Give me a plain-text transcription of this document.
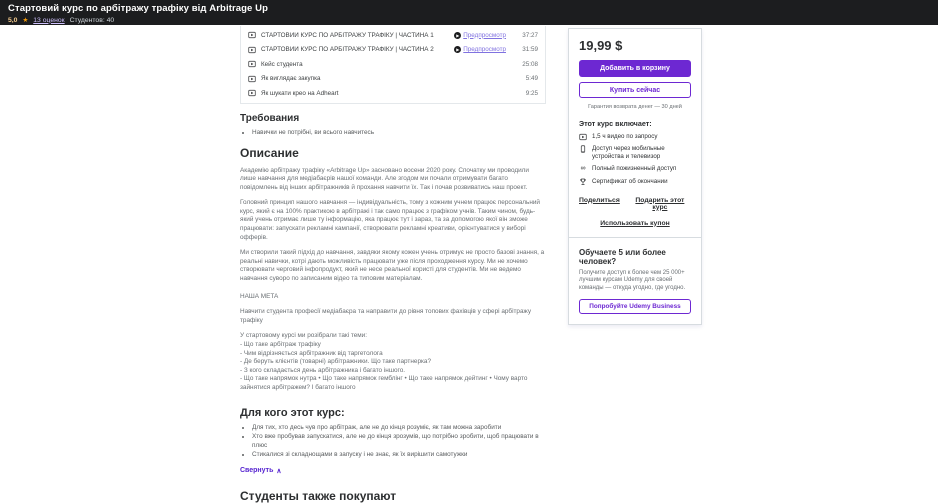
Стартовий курс по арбітражу трафіку від Arbitrage Up
5,0 ★ 13 оценок Студентов: 40
СТАРТОВИЙ КУРС ПО АРБІТРАЖУ ТРАФІКУ | ЧАСТИНА 1	▶ Предпросмотр	37:27
СТАРТОВИЙ КУРС ПО АРБІТРАЖУ ТРАФІКУ | ЧАСТИНА 2	▶ Предпросмотр	31:59
Кейс студента	25:08
Як виглядає закупка	5:49
Як шукати крео на Adheart	9:25
Требования
• Навички не потрібні, ви всього навчитесь
Описание

Академію арбітражу трафіку «Arbitrage Up» засновано восени 2020 року. Спочатку ми проводили лише навчання для медіабаєрів нашої команди. Але згодом ми почали отримувати багато повідомлень від інших арбітражників й прохання навчити їх. Так і почав розвиватись наш проект.

Головний принцип нашого навчання — індивідуальність, тому з кожним учнем працює персональний курс, який є на 100% практикою в арбітражі і так само працює з графіком учнів. Таким чином, будь-який учень отримає лише ту інформацію, яка працює тут і зараз, та за допомогою якої він зможе працювати: запускати рекламні кампанії, створювати рекламні креативи, орієнтуватися у виборі офферів.

Ми створили такий підхід до навчання, завдяки якому кожен учень отримує не просто базові знання, а реальні навички, котрі дають можливість працювати уже після проходження курсу. Ми не хочемо створювати черговий інфопродукт, який не несе реальної користі для студентів. Ми не ведемо навчання суворо по записаним відео та типовим матеріалам.

НАША МЕТА

Навчити студента професії медіабаєра та направити до рівня топових фахівців у сфері арбітражу трафіку

У стартовому курсі ми розібрали такі теми:
- Що таке арбітраж трафіку
- Чим відрізняється арбітражник від таргетолога
- Де беруть клієнтів (товарні) арбітражники. Що таке партнерка?
- З кого складається день арбітражника і багато іншого.
- Що таке напрямок нутра • Що таке напрямок гемблінг • Що таке напрямок дейтинг • Чому варто зайнятися арбітражем? І багато іншого
Для кого этот курс:
• Для тих, хто десь чув про арбітраж, але не до кінця розуміє, як там можна заробити
• Хто вже пробував запускатися, але не до кінця зрозумів, що потрібно зробити, щоб працювати в плюс
• Стикалися зі складнощами в запуску і не знає, як їх вирішити самотужки
Свернуть ∧
Студенты также покупают
19,99 $
Добавить в корзину
Купить сейчас
Гарантия возврата денег — 30 дней
Этот курс включает:
1,5 ч видео по запросу
Доступ через мобильные устройства и телевизор
∞ Полный пожизненный доступ
Сертификат об окончании
Поделиться	Подарить этот курс
Использовать купон
Обучаете 5 или более человек?
Получите доступ к более чем 25 000+ лучшим курсам Udemy для своей команды — откуда угодно, где угодно.
Попробуйте Udemy Business
